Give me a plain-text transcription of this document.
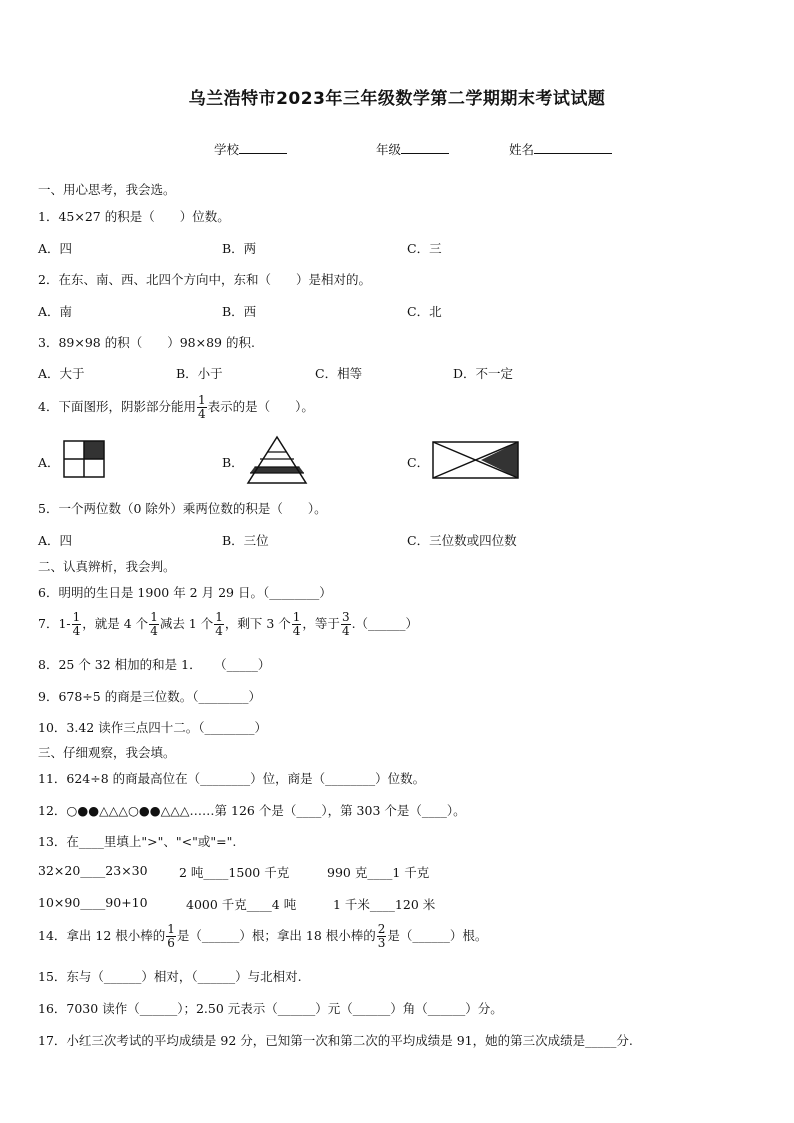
乌兰浩特市2023年三年级数学第二学期期末考试试题
学校	年级	姓名
一、用心思考，我会选。
1．45×27 的积是（　　）位数。
A．四	B．两	C．三
2．在东、南、西、北四个方向中，东和（　　）是相对的。
A．南	B．西	C．北
3．89×98 的积（　　）98×89 的积.
A．大于	B．小于	C．相等	D．不一定
4．下面图形，阴影部分能用 $\frac{1}{4}$ 表示的是（　　）。
A．	B．	C．
5．一个两位数（0 除外）乘两位数的积是（　　）。
A．四	B．三位	C．三位数或四位数
二、认真辨析，我会判。
6．明明的生日是 1900 年 2 月 29 日。（________）
7．$1- \frac{1}{4}$ ，就是 4 个 $\frac{1}{4}$ 减去 1 个 $\frac{1}{4}$ ，剩下 3 个 $\frac{1}{4}$ ，等于 $\frac{3}{4}$ .（______）
8．25 个 32 相加的和是 1．　　（_____）
9．678÷5 的商是三位数。（________）
10．3.42 读作三点四十二。（________）
三、仔细观察，我会填。
11．624÷8 的商最高位在（________）位，商是（________）位数。
12．○●●△△△○●●△△△……第 126 个是（____），第 303 个是（____）。
13．在____里填上">"、"<"或"=".
32×20____23×30	2 吨____1500 千克	990 克____1 千克
10×90____90+10	4000 千克____4 吨	1 千米____120 米
14．拿出 12 根小棒的 $\frac{1}{6}$ 是（______）根；拿出 18 根小棒的 $\frac{2}{3}$ 是（______）根。
15．东与（______）相对，（______）与北相对.
16．7030 读作（______）；2.50 元表示（______）元（______）角（______）分。
17．小红三次考试的平均成绩是 92 分，已知第一次和第二次的平均成绩是 91，她的第三次成绩是_____分.
